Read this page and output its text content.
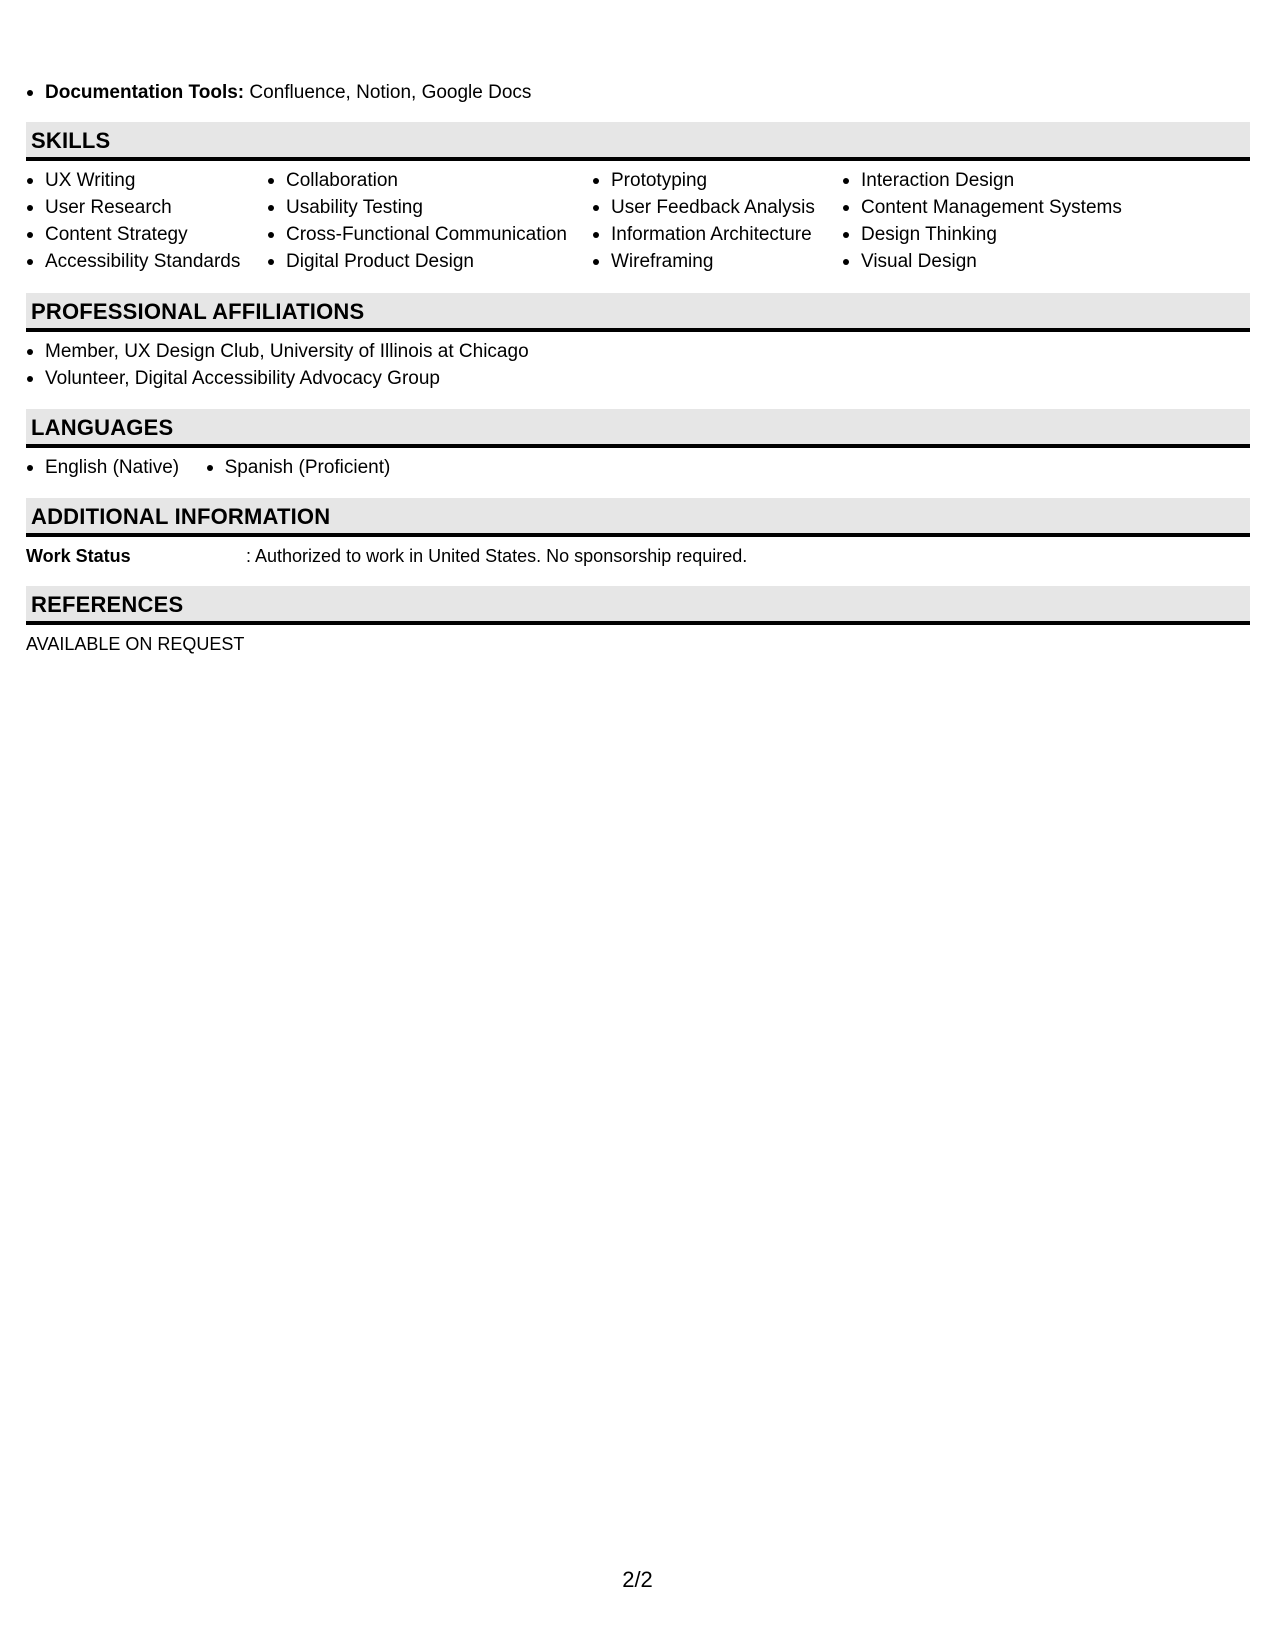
Documentation Tools: Confluence, Notion, Google Docs
SKILLS
UX Writing
User Research
Content Strategy
Accessibility Standards
Collaboration
Usability Testing
Cross-Functional Communication
Digital Product Design
Prototyping
User Feedback Analysis
Information Architecture
Wireframing
Interaction Design
Content Management Systems
Design Thinking
Visual Design
PROFESSIONAL AFFILIATIONS
Member, UX Design Club, University of Illinois at Chicago
Volunteer, Digital Accessibility Advocacy Group
LANGUAGES
English (Native) Spanish (Proficient)
ADDITIONAL INFORMATION
Work Status	: Authorized to work in United States. No sponsorship required.
REFERENCES
AVAILABLE ON REQUEST
2/2
